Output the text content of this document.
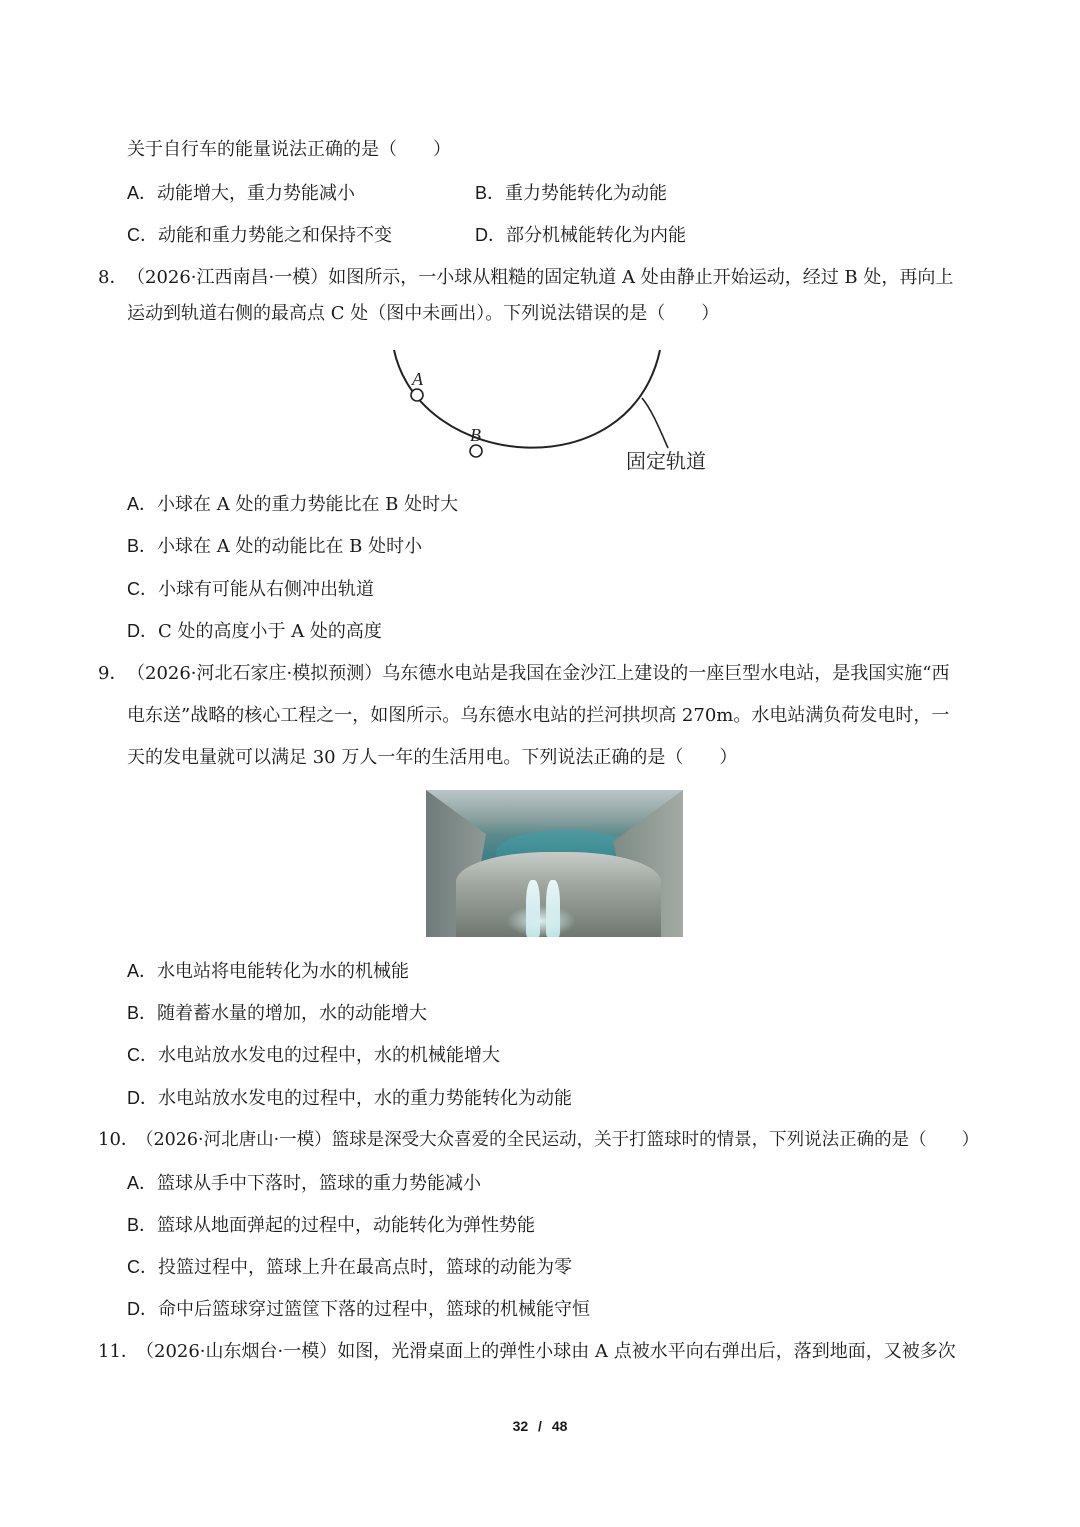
关于自行车的能量说法正确的是（　　）
A．动能增大，重力势能减小	B．重力势能转化为动能
C．动能和重力势能之和保持不变	D．部分机械能转化为内能
8． （2026·江西南昌·一模）如图所示，一小球从粗糙的固定轨道 A 处由静止开始运动，经过 B 处，再向上
运动到轨道右侧的最高点 C 处（图中未画出）。下列说法错误的是（　　）
A
B
固定轨道
A．小球在 A 处的重力势能比在 B 处时大
B．小球在 A 处的动能比在 B 处时小
C．小球有可能从右侧冲出轨道
D．C 处的高度小于 A 处的高度
9． （2026·河北石家庄·模拟预测）乌东德水电站是我国在金沙江上建设的一座巨型水电站，是我国实施“西
电东送”战略的核心工程之一，如图所示。乌东德水电站的拦河拱坝高 270m。水电站满负荷发电时，一
天的发电量就可以满足 30 万人一年的生活用电。下列说法正确的是（　　）
A．水电站将电能转化为水的机械能
B．随着蓄水量的增加，水的动能增大
C．水电站放水发电的过程中，水的机械能增大
D．水电站放水发电的过程中，水的重力势能转化为动能
10．
（2026·河北唐山·一模）篮球是深受大众喜爱的全民运动，关于打篮球时的情景，下列说法正确的是（　　）
A．篮球从手中下落时，篮球的重力势能减小
B．篮球从地面弹起的过程中，动能转化为弹性势能
C．投篮过程中，篮球上升在最高点时，篮球的动能为零
D．命中后篮球穿过篮筐下落的过程中，篮球的机械能守恒
11．
（2026·山东烟台·一模）如图，光滑桌面上的弹性小球由 A 点被水平向右弹出后，落到地面，又被多次
32 / 48
